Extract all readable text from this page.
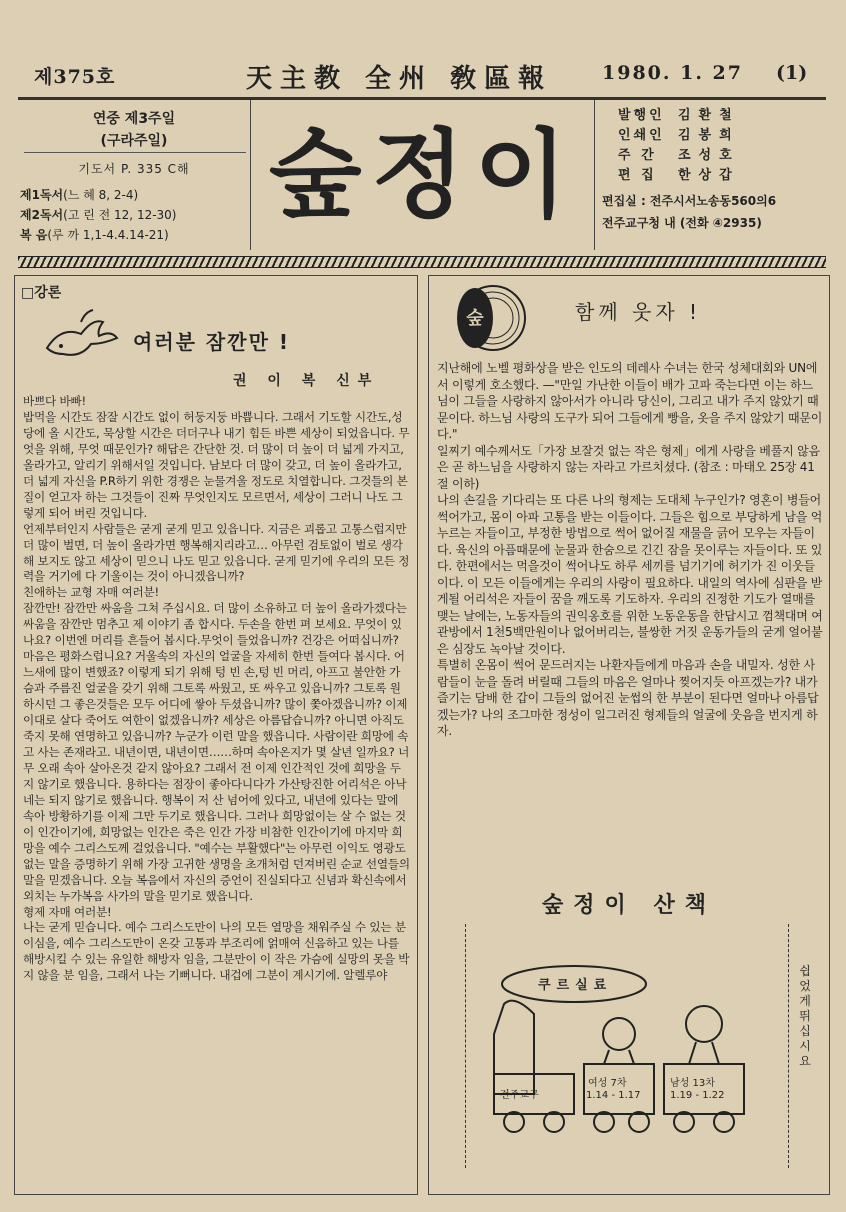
제375호	天主教 全州 敎區報	1980. 1. 27 (1)
연중 제3주일
(구라주일)
기도서 P. 335 C해
제1독서(느 혜 8, 2-4)
제2독서(고 린 전 12, 12-30)
복 음(루 까 1,1-4.4.14-21)
숲정이
발행인 김환철
인쇄인 김봉희
주 간 조성호
편 집 한상갑
편집실 : 전주시서노송동560의6
전주교구청 내 (전화 ④2935)
□강론
여러분 잠깐만 !
권 이 복 신부

바쁘다 바빠!

밥먹을 시간도 잠잘 시간도 없이 허둥지둥 바쁩니다. 그래서 기도할 시간도,성당에 올 시간도, 묵상할 시간은 더더구나 내기 힘든 바쁜 세상이 되었읍니다. 무엇을 위해, 무엇 때문인가? 해답은 간단한 것. 더 많이 더 높이 더 넓게 가지고, 올라가고, 알리기 위해서일 것입니다. 남보다 더 많이 갖고, 더 높이 올라가고, 더 넓게 자신을 P.R하기 위한 경쟁은 눈물겨울 정도로 치열합니다. 그것들의 본질이 얻고자 하는 그것들이 진짜 무엇인지도 모르면서, 세상이 그러니 나도 그렇게 되어 버린 것입니다.

언제부터인지 사람들은 굳게 굳게 믿고 있읍니다. 지금은 괴롭고 고통스럽지만 더 많이 벌면, 더 높이 올라가면 행복해지리라고… 아무런 검토없이 벌로 생각해 보지도 않고 세상이 믿으니 나도 믿고 있읍니다. 굳게 믿기에 우리의 모든 정력을 거기에 다 기울이는 것이 아니겠읍니까?

친애하는 교형 자매 여러분!

잠깐만! 잠깐만 싸움을 그쳐 주십시요. 더 많이 소유하고 더 높이 올라가겠다는 싸움을 잠깐만 멈추고 제 이야기 좀 합시다. 두손을 한번 펴 보세요. 무엇이 있나요? 이번엔 머리를 흔들어 봅시다.무엇이 들었읍니까? 건강은 어떠십니까? 마음은 평화스럽니요? 거울속의 자신의 얼굴을 자세히 한번 들여다 봅시다. 어느새에 많이 변했죠? 이렇게 되기 위해 텅 빈 손,텅 빈 머리, 아프고 불안한 가슴과 주름진 얼굴을 갖기 위해 그토록 싸웠고, 또 싸우고 있읍니까? 그토록 원하시던 그 좋은것들은 모두 어디에 쌓아 두셨읍니까? 많이 쫓아겠읍니까? 이제 이대로 살다 죽어도 여한이 없겠읍니까? 세상은 아름답습니까? 아니면 아직도 죽지 못해 연명하고 있읍니까? 누군가 이런 말을 했읍니다. 사람이란 희망에 속고 사는 존재라고. 내년이면, 내년이면……하며 속아온지가 몇 살년 일까요? 너무 오래 속아 살아온것 같지 않아요? 그래서 전 이제 인간적인 것에 희망을 두지 않기로 했읍니다. 용하다는 점장이 좋아다니다가 가산탕진한 어리석은 아낙네는 되지 않기로 했읍니다. 행복이 저 산 넘어에 있다고, 내년에 있다는 말에 속아 방황하기를 이제 그만 두기로 했읍니다. 그러나 희망없이는 살 수 없는 것이 인간이기에, 희망없는 인간은 죽은 인간 가장 비참한 인간이기에 마지막 희망을 예수 그리스도께 걸었읍니다. "예수는 부활했다"는 아무런 이익도 영광도 없는 말을 증명하기 위해 가장 고귀한 생명을 초개처럼 던져버린 순교 선열들의 말을 믿겠읍니다. 오늘 복음에서 자신의 증언이 진실되다고 신념과 확신속에서 외치는 누가복음 사가의 말을 믿기로 했읍니다.

형제 자매 여러분!

나는 굳게 믿습니다. 예수 그리스도만이 나의 모든 열망을 채워주실 수 있는 분이심을, 예수 그리스도만이 온갖 고통과 부조리에 얽매여 신음하고 있는 나를 해방시킬 수 있는 유일한 해방자 임을, 그분만이 이 작은 가슴에 실망의 못을 박지 않을 분 임을, 그래서 나는 기뻐니다. 내겁에 그분이 계시기에. 알렐루야

숲	함께 웃자 !

지난해에 노벨 평화상을 받은 인도의 데레사 수녀는 한국 성체대회와 UN에서 이렇게 호소했다. —"만일 가난한 이들이 배가 고파 죽는다면 이는 하느님이 그들을 사랑하지 않아서가 아니라 당신이, 그리고 내가 주지 않았기 때문이다. 하느님 사랑의 도구가 되어 그들에게 빵을, 옷을 주지 않았기 때문이다."

일찌기 예수께서도「가장 보잘것 없는 작은 형제」에게 사랑을 베풀지 않음은 곧 하느님을 사랑하지 않는 자라고 가르치셨다. (참조 : 마태오 25장 41절 이하)

나의 손길을 기다리는 또 다른 나의 형제는 도대체 누구인가? 영혼이 병들어 썩어가고, 몸이 아파 고통을 받는 이들이다. 그들은 힘으로 부당하게 남을 억누르는 자들이고, 부정한 방법으로 썩어 없어질 재물을 긁어 모우는 자들이다. 육신의 아픔때문에 눈물과 한숨으로 긴긴 잠을 못이루는 자들이다. 또 있다. 한편에서는 먹을것이 썩어나도 하루 세끼를 넘기기에 허기가 진 이웃들이다. 이 모든 이들에게는 우리의 사랑이 필요하다. 내일의 역사에 심판을 받게될 어리석은 자들이 꿈을 깨도록 기도하자. 우리의 진정한 기도가 열매를 맺는 날에는, 노동자들의 권익옹호를 위한 노동운동을 한답시고 껌책대며 여관방에서 1천5백만원이나 없어버리는, 불쌍한 거짓 운동가들의 굳게 얼어붙은 심장도 녹아날 것이다.

특별히 온몸이 썩어 문드러지는 나환자들에게 마음과 손을 내밀자. 성한 사람들이 눈을 돌려 버릴때 그들의 마음은 얼마나 찢어지듯 아프겠는가? 내가 즐기는 담배 한 갑이 그들의 없어진 눈썹의 한 부분이 된다면 얼마나 아름답겠는가? 나의 조그마한 정성이 일그러진 형제들의 얼굴에 웃음을 번지게 하자.

숲정이 산책
쉽었게뛰십시요
쿠르실료
전주교구
여성 7차
1.14 - 1.17
남성 13차
1.19 - 1.22
